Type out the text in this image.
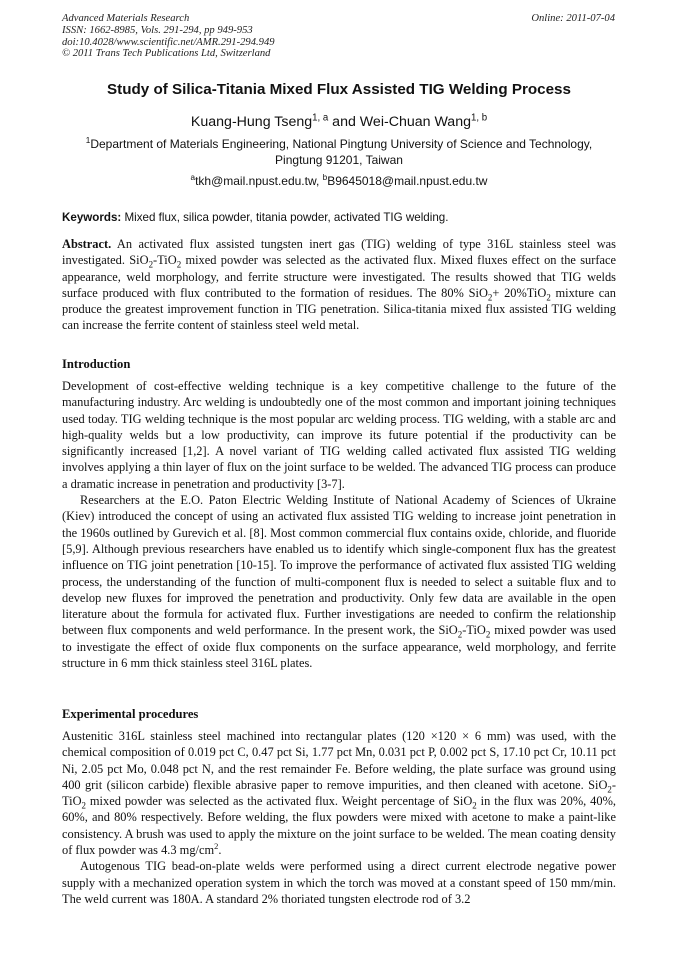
Advanced Materials Research
ISSN: 1662-8985, Vols. 291-294, pp 949-953
doi:10.4028/www.scientific.net/AMR.291-294.949
© 2011 Trans Tech Publications Ltd, Switzerland
Online: 2011-07-04
Study of Silica-Titania Mixed Flux Assisted TIG Welding Process
Kuang-Hung Tseng$^{1, a}$ and Wei-Chuan Wang$^{1, b}$
$^1$Department of Materials Engineering, National Pingtung University of Science and Technology,
Pingtung 91201, Taiwan
$^a$tkh@mail.npust.edu.tw, $^b$B9645018@mail.npust.edu.tw
Keywords: Mixed flux, silica powder, titania powder, activated TIG welding.

Abstract. An activated flux assisted tungsten inert gas (TIG) welding of type 316L stainless steel was investigated. SiO$_2$-TiO$_2$ mixed powder was selected as the activated flux. Mixed fluxes effect on the surface appearance, weld morphology, and ferrite structure were investigated. The results showed that TIG welds surface produced with flux contributed to the formation of residues. The 80% SiO$_2$+ 20%TiO$_2$ mixture can produce the greatest improvement function in TIG penetration. Silica-titania mixed flux assisted TIG welding can increase the ferrite content of stainless steel weld metal.

Introduction

Development of cost-effective welding technique is a key competitive challenge to the future of the manufacturing industry. Arc welding is undoubtedly one of the most common and important joining techniques used today. TIG welding technique is the most popular arc welding process. TIG welding, with a stable arc and high-quality welds but a low productivity, can improve its future potential if the productivity can be significantly increased [1,2]. A novel variant of TIG welding called activated flux assisted TIG welding involves applying a thin layer of flux on the joint surface to be welded. The advanced TIG process can produce a dramatic increase in penetration and productivity [3-7].

Researchers at the E.O. Paton Electric Welding Institute of National Academy of Sciences of Ukraine (Kiev) introduced the concept of using an activated flux assisted TIG welding to increase joint penetration in the 1960s outlined by Gurevich et al. [8]. Most common commercial flux contains oxide, chloride, and fluoride [5,9]. Although previous researchers have enabled us to identify which single-component flux has the greatest influence on TIG joint penetration [10-15]. To improve the performance of activated flux assisted TIG welding process, the understanding of the function of multi-component flux is needed to select a suitable flux and to develop new fluxes for improved the penetration and productivity. Only few data are available in the open literature about the formula for activated flux. Further investigations are needed to confirm the relationship between flux components and weld performance. In the present work, the SiO$_2$-TiO$_2$ mixed powder was used to investigate the effect of oxide flux components on the surface appearance, weld morphology, and ferrite structure in 6 mm thick stainless steel 316L plates.

Experimental procedures

Austenitic 316L stainless steel machined into rectangular plates (120 ×120 × 6 mm) was used, with the chemical composition of 0.019 pct C, 0.47 pct Si, 1.77 pct Mn, 0.031 pct P, 0.002 pct S, 17.10 pct Cr, 10.11 pct Ni, 2.05 pct Mo, 0.048 pct N, and the rest remainder Fe. Before welding, the plate surface was ground using 400 grit (silicon carbide) flexible abrasive paper to remove impurities, and then cleaned with acetone. SiO$_2$-TiO$_2$ mixed powder was selected as the activated flux. Weight percentage of SiO$_2$ in the flux was 20%, 40%, 60%, and 80% respectively. Before welding, the flux powders were mixed with acetone to make a paint-like consistency. A brush was used to apply the mixture on the joint surface to be welded. The mean coating density of flux powder was 4.3 $mg/cm^2$.

Autogenous TIG bead-on-plate welds were performed using a direct current electrode negative power supply with a mechanized operation system in which the torch was moved at a constant speed of 150 mm/min. The weld current was 180A. A standard 2% thoriated tungsten electrode rod of 3.2
